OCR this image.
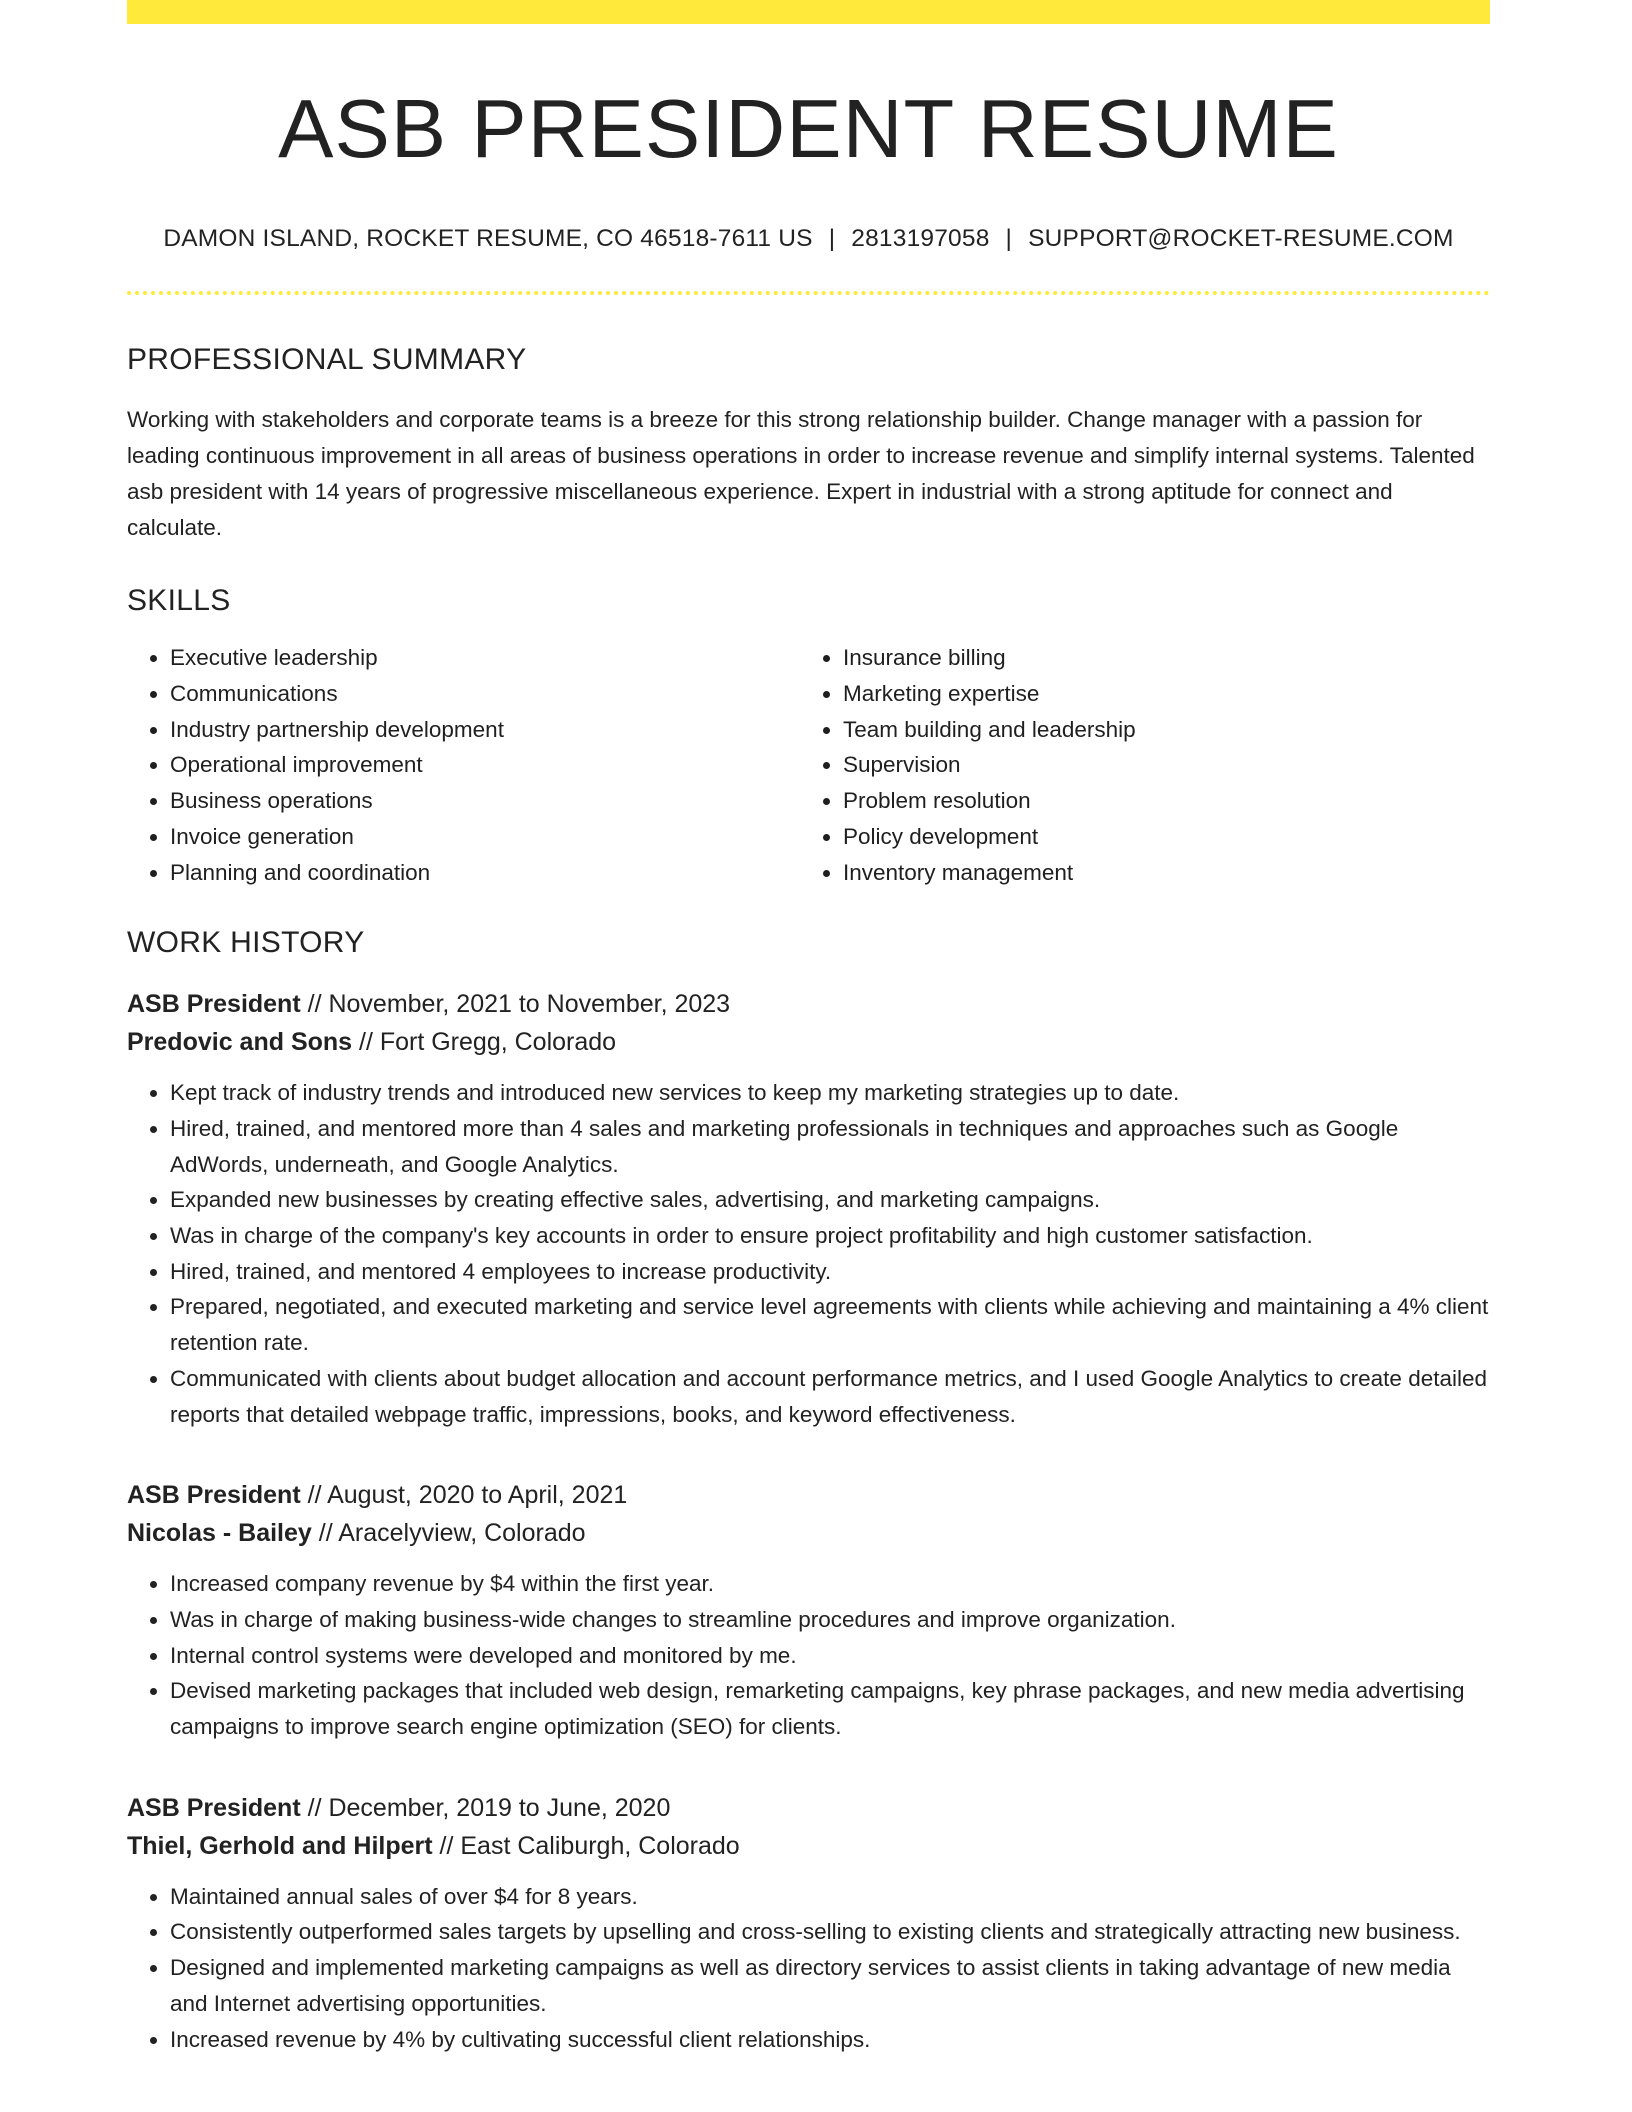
ASB PRESIDENT RESUME
DAMON ISLAND, ROCKET RESUME, CO 46518-7611 US | 2813197058 | SUPPORT@ROCKET-RESUME.COM
PROFESSIONAL SUMMARY

Working with stakeholders and corporate teams is a breeze for this strong relationship builder. Change manager with a passion for leading continuous improvement in all areas of business operations in order to increase revenue and simplify internal systems. Talented asb president with 14 years of progressive miscellaneous experience. Expert in industrial with a strong aptitude for connect and calculate.

SKILLS
• Executive leadership
• Communications
• Industry partnership development
• Operational improvement
• Business operations
• Invoice generation
• Planning and coordination
• Insurance billing
• Marketing expertise
• Team building and leadership
• Supervision
• Problem resolution
• Policy development
• Inventory management
WORK HISTORY
ASB President // November, 2021 to November, 2023
Predovic and Sons // Fort Gregg, Colorado
• Kept track of industry trends and introduced new services to keep my marketing strategies up to date.
• Hired, trained, and mentored more than 4 sales and marketing professionals in techniques and approaches such as Google AdWords, underneath, and Google Analytics.
• Expanded new businesses by creating effective sales, advertising, and marketing campaigns.
• Was in charge of the company's key accounts in order to ensure project profitability and high customer satisfaction.
• Hired, trained, and mentored 4 employees to increase productivity.
• Prepared, negotiated, and executed marketing and service level agreements with clients while achieving and maintaining a 4% client retention rate.
• Communicated with clients about budget allocation and account performance metrics, and I used Google Analytics to create detailed reports that detailed webpage traffic, impressions, books, and keyword effectiveness.
ASB President // August, 2020 to April, 2021
Nicolas - Bailey // Aracelyview, Colorado
• Increased company revenue by $4 within the first year.
• Was in charge of making business-wide changes to streamline procedures and improve organization.
• Internal control systems were developed and monitored by me.
• Devised marketing packages that included web design, remarketing campaigns, key phrase packages, and new media advertising campaigns to improve search engine optimization (SEO) for clients.
ASB President // December, 2019 to June, 2020
Thiel, Gerhold and Hilpert // East Caliburgh, Colorado
• Maintained annual sales of over $4 for 8 years.
• Consistently outperformed sales targets by upselling and cross-selling to existing clients and strategically attracting new business.
• Designed and implemented marketing campaigns as well as directory services to assist clients in taking advantage of new media and Internet advertising opportunities.
• Increased revenue by 4% by cultivating successful client relationships.
